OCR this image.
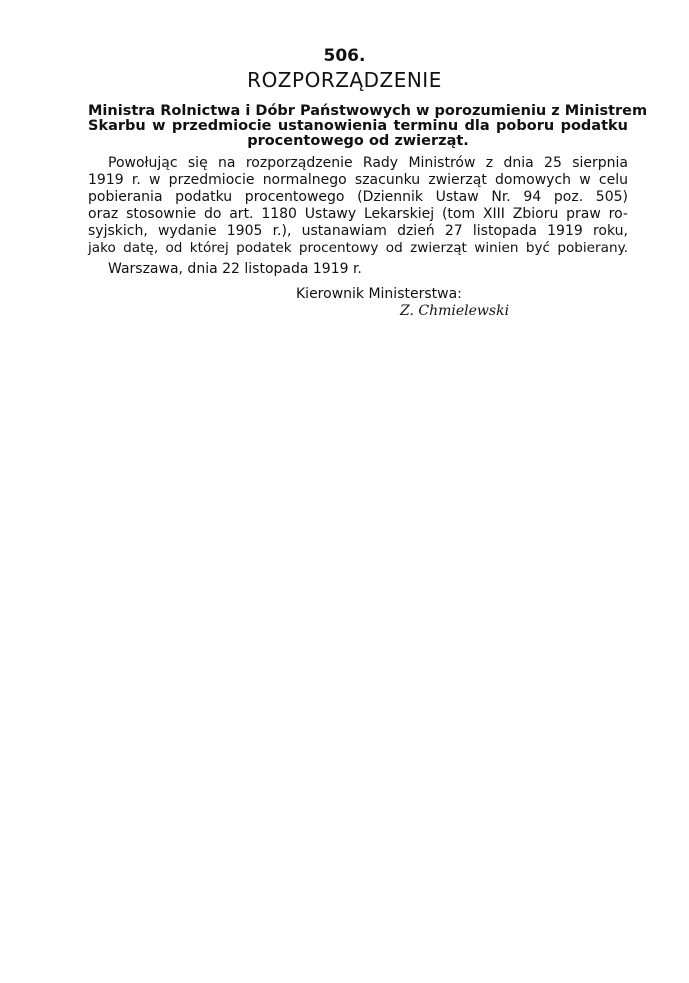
506.
ROZPORZĄDZENIE
Ministra Rolnictwa i Dóbr Państwowych w porozumieniu z Ministrem
Skarbu w przedmiocie ustanowienia terminu dla poboru podatku
procentowego od zwierząt.
Powołując się na rozporządzenie Rady Ministrów z dnia 25 sierpnia
1919 r. w przedmiocie normalnego szacunku zwierząt domowych w celu
pobierania podatku procentowego (Dziennik Ustaw Nr. 94 poz. 505)
oraz stosownie do art. 1180 Ustawy Lekarskiej (tom XIII Zbioru praw ro-
syjskich, wydanie 1905 r.), ustanawiam dzień 27 listopada 1919 roku,
jako datę, od której podatek procentowy od zwierząt winien być pobierany.
Warszawa, dnia 22 listopada 1919 r.
Kierownik Ministerstwa:
Z. Chmielewski
